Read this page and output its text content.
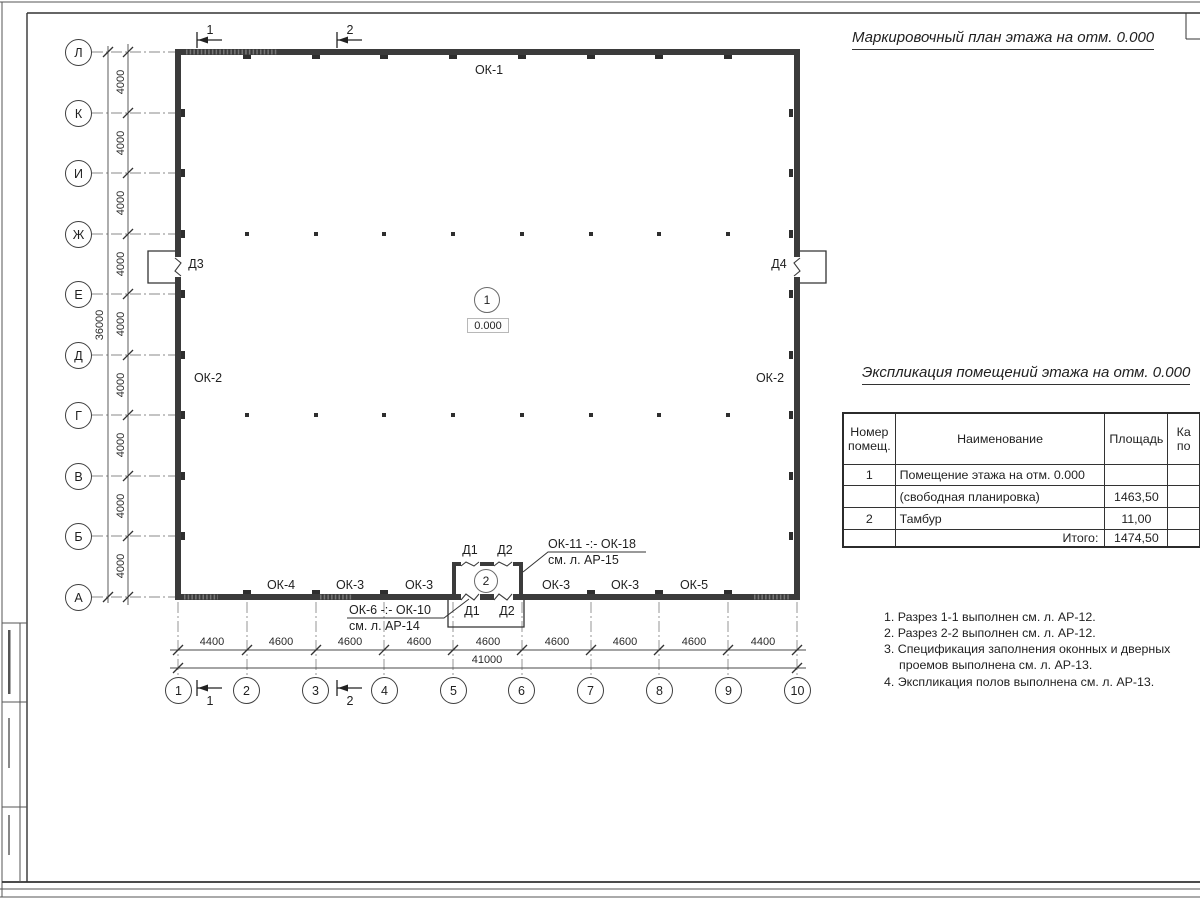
Л
К
И
Ж
Е
Д
Г
В
Б
А
1	2	3	4	5	6	7	8	9	10
4400	4600	4600	4600	4600	4600	4600	4600	4400
41000
4000
4000
4000
4000
4000
4000
4000
4000
4000
36000
1	2
1	2
ОК-1
ОК-2	ОК-2
ОК-4	ОК-3	ОК-3	ОК-3	ОК-3	ОК-5
Д3	Д4
Д1	Д2
Д1	Д2
ОК-11 -:- ОК-18
см. л. АР-15
ОК-6 -:- ОК-10
см. л. АР-14
1
0.000
2
Маркировочный план этажа на отм. 0.000
Экспликация помещений этажа на отм. 0.000
Номер помещ.	Наименование	Площадь	Ка по
1	Помещение этажа на отм. 0.000		
	(свободная планировка)	1463,50	
2	Тамбур	11,00	
	Итого:	1474,50	
1. Разрез 1-1 выполнен см. л. АР-12.
2. Разрез 2-2 выполнен см. л. АР-12.
3. Спецификация заполнения оконных и дверных проемов выполнена см. л. АР-13.
4. Экспликация полов выполнена см. л. АР-13.
